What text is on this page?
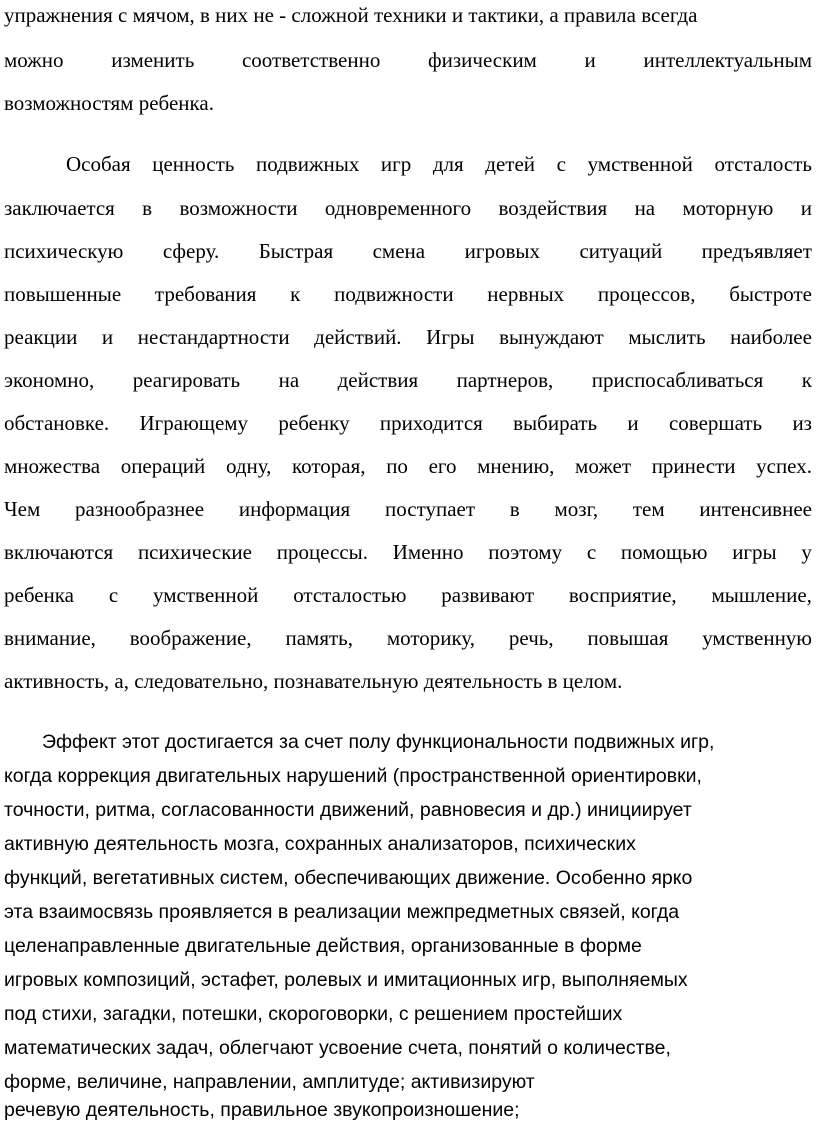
упражнения с мячом, в них не - сложной техники и тактики, а правила всегда
можно изменить соответственно физическим и интеллектуальным
возможностям ребенка.
Особая ценность подвижных игр для детей с умственной отсталость
заключается в возможности одновременного воздействия на моторную и
психическую сферу. Быстрая смена игровых ситуаций предъявляет
повышенные требования к подвижности нервных процессов, быстроте
реакции и нестандартности действий. Игры вынуждают мыслить наиболее
экономно, реагировать на действия партнеров, приспосабливаться к
обстановке. Играющему ребенку приходится выбирать и совершать из
множества операций одну, которая, по его мнению, может принести успех.
Чем разнообразнее информация поступает в мозг, тем интенсивнее
включаются психические процессы. Именно поэтому с помощью игры у
ребенка с умственной отсталостью развивают восприятие, мышление,
внимание, воображение, память, моторику, речь, повышая умственную
активность, а, следовательно, познавательную деятельность в целом.
Эффект этот достигается за счет полу функциональности подвижных игр,
когда коррекция двигательных нарушений (пространственной ориентировки,
точности, ритма, согласованности движений, равновесия и др.) инициирует
активную деятельность мозга, сохранных анализаторов, психических
функций, вегетативных систем, обеспечивающих движение. Особенно ярко
эта взаимосвязь проявляется в реализации межпредметных связей, когда
целенаправленные двигательные действия, организованные в форме
игровых композиций, эстафет, ролевых и имитационных игр, выполняемых
под стихи, загадки, потешки, скороговорки, с решением простейших
математических задач, облегчают усвоение счета, понятий о количестве,
форме, величине, направлении, амплитуде; активизируют
речевую деятельность, правильное звукопроизношение;
